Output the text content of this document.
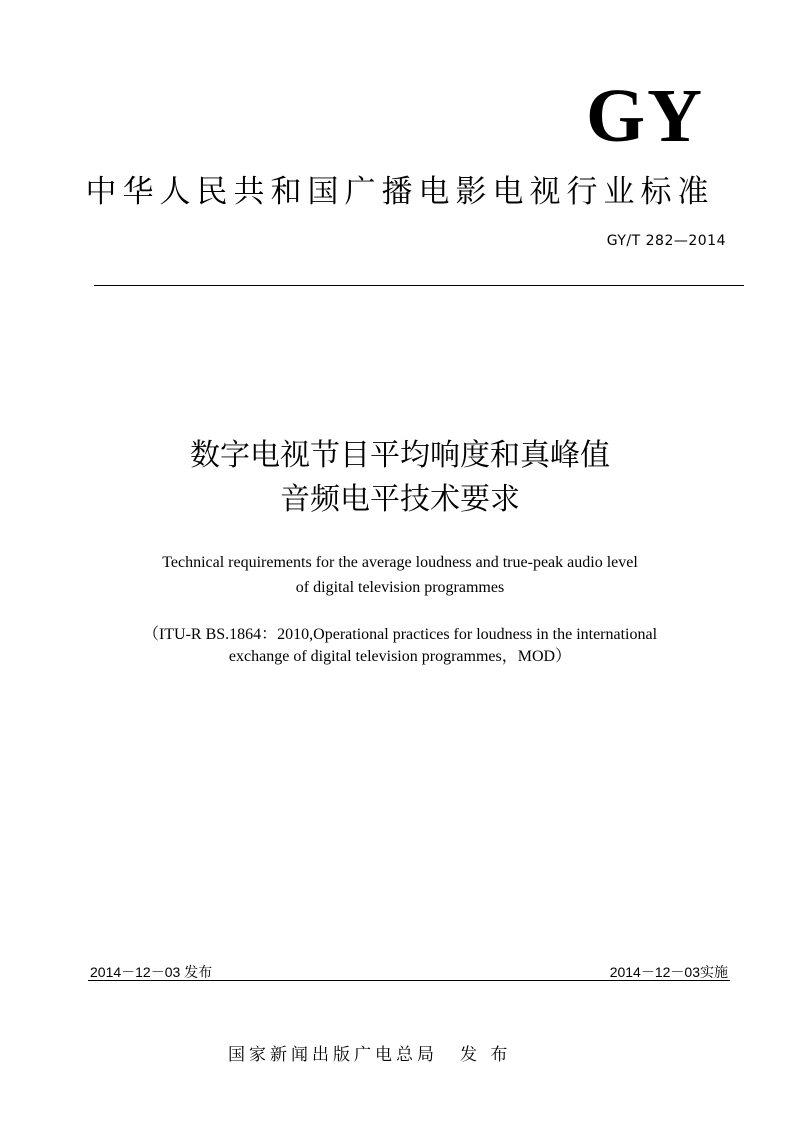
GY
中华人民共和国广播电影电视行业标准
GY/T 282—2014
数字电视节目平均响度和真峰值
音频电平技术要求
Technical requirements for the average loudness and true-peak audio level
of digital television programmes
（ITU-R BS.1864：2010,Operational practices for loudness in the international
exchange of digital television programmes，MOD）
2014－12－03 发布	2014－12－03实施
国家新闻出版广电总局 发 布
